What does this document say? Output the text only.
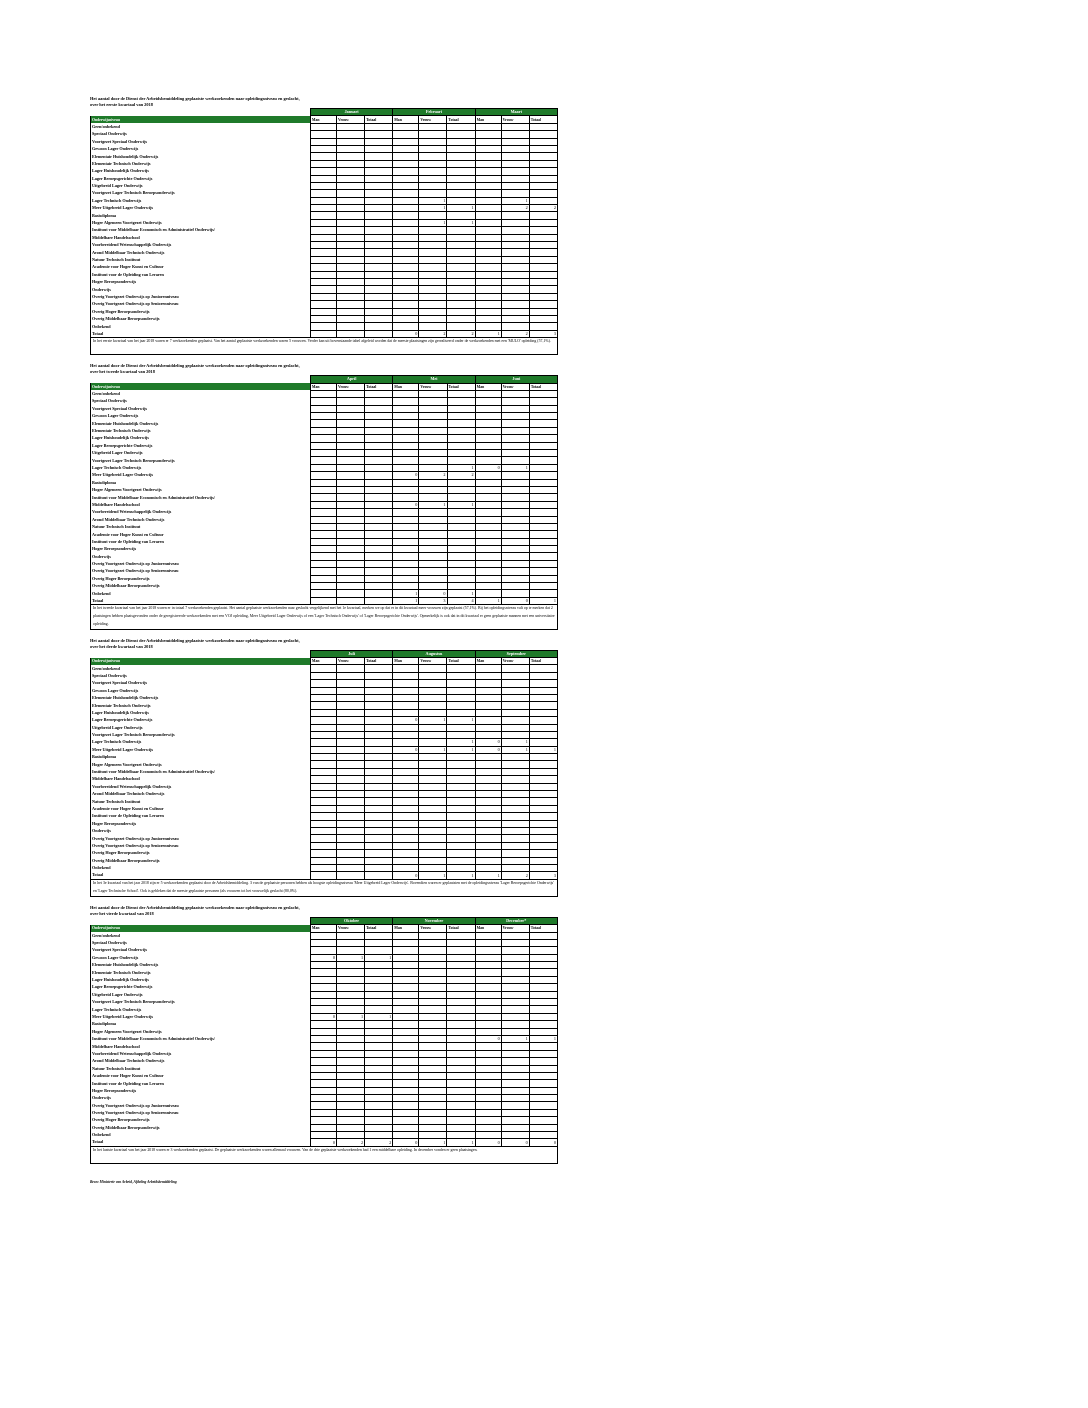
Het aantal door de Dienst der Arbeidsbemiddeling geplaatste werkzoekenden naar opleidingsniveau en geslacht,
over het eerste kwartaal van 2018
	Januari			Februari			Maart		
Onderwijsniveau	Man	Vrouw	Totaal	Man	Vrouw	Totaal	Man	Vrouw	Totaal
Geen/onbekend									
Speciaal Onderwijs									
Voortgezet Speciaal Onderwijs									
Gewoon Lager Onderwijs									
Elementair Huishoudelijk Onderwijs									
Elementair Technisch Onderwijs									
Lager Huishoudelijk Onderwijs									
Lager Beroepsgerichte Onderwijs									
Uitgebreid Lager Onderwijs									
Voortgezet Lager Technisch Beroepsonderwijs									
Lager Technisch Onderwijs					1			1	
Meer Uitgebreid Lager Onderwijs					1	1		2	2
Basisdiploma									
Hoger Algemeen Voortgezet Onderwijs					1	1			
Instituut voor Middelbaar Economisch en Administratief Onderwijs/									
Middelbare Handelsschool									
Voorbereidend Wetenschappelijk Onderwijs									
Avond Middelbaar Technisch Onderwijs									
Natuur Technisch Instituut									
Academie voor Hoger Kunst en Cultuur									
Instituut voor de Opleiding van Leraren									
Hoger Beroepsonderwijs									
Onderwijs									
Overig Voortgezet Onderwijs op Juniorenniveau									
Overig Voortgezet Onderwijs op Seniorenniveau									
Overig Hoger Beroepsonderwijs									
Overig Middelbaar Beroepsonderwijs									
Onbekend									
Totaal				0	2	2	1	2	3
In het eerste kwartaal van het jaar 2018 waren er 7 werkzoekenden geplaatst. Van het aantal geplaatste werkzoekenden waren 5 vrouwen. Verder kan uit bovenstaande tabel afgeleid worden dat de meeste plaatsingen zijn gerealiseerd onder de werkzoekenden met een 'MULO' opleiding (57,1%).
Het aantal door de Dienst der Arbeidsbemiddeling geplaatste werkzoekenden naar opleidingsniveau en geslacht,
over het tweede kwartaal van 2018
	April			Mei			Juni		
Onderwijsniveau	Man	Vrouw	Totaal	Man	Vrouw	Totaal	Man	Vrouw	Totaal
Geen/onbekend									
Speciaal Onderwijs									
Voortgezet Speciaal Onderwijs									
Gewoon Lager Onderwijs									
Elementair Huishoudelijk Onderwijs									
Elementair Technisch Onderwijs									
Lager Huishoudelijk Onderwijs									
Lager Beroepsgerichte Onderwijs									
Uitgebreid Lager Onderwijs									
Voortgezet Lager Technisch Beroepsonderwijs									
Lager Technisch Onderwijs						1	0	1	
Meer Uitgebreid Lager Onderwijs				0	2	2			
Basisdiploma									
Hoger Algemeen Voortgezet Onderwijs									
Instituut voor Middelbaar Economisch en Administratief Onderwijs/									
Middelbare Handelsschool				0	1	1			
Voorbereidend Wetenschappelijk Onderwijs									
Avond Middelbaar Technisch Onderwijs									
Natuur Technisch Instituut									
Academie voor Hoger Kunst en Cultuur									
Instituut voor de Opleiding van Leraren									
Hoger Beroepsonderwijs									
Onderwijs									
Overig Voortgezet Onderwijs op Juniorenniveau									
Overig Voortgezet Onderwijs op Seniorenniveau									
Overig Hoger Beroepsonderwijs									
Overig Middelbaar Beroepsonderwijs									
Onbekend				1	0	1			
Totaal				1	3	4	1	0	1
In het tweede kwartaal van het jaar 2018 waren er in totaal 7 werkzoekenden geplaatst. Het aantal geplaatste werkzoekenden naar geslacht vergelijkend met het 1e kwartaal, merken we op dat er in dit kwartaal meer vrouwen zijn geplaatst (57,1%). Bij het opleidingsniveau valt op te merken dat 2 plaatsingen hebben plaatsgevonden onder de geregistreerde werkzoekenden met een VOJ opleiding, Meer Uitgebreid Lager Onderwijs of een 'Lager Technisch Onderwijs' of 'Lager Beroepsgerichte Onderwijs'. Opmerkelijk is ook dat in dit kwartaal er geen geplaatste mannen met een universitaire opleiding.
Het aantal door de Dienst der Arbeidsbemiddeling geplaatste werkzoekenden naar opleidingsniveau en geslacht,
over het derde kwartaal van 2018
	Juli			Augustus			September		
Onderwijsniveau	Man	Vrouw	Totaal	Man	Vrouw	Totaal	Man	Vrouw	Totaal
Geen/onbekend									
Speciaal Onderwijs									
Voortgezet Speciaal Onderwijs									
Gewoon Lager Onderwijs									
Elementair Huishoudelijk Onderwijs									
Elementair Technisch Onderwijs									
Lager Huishoudelijk Onderwijs									
Lager Beroepsgerichte Onderwijs				0	1	1			
Uitgebreid Lager Onderwijs									
Voortgezet Lager Technisch Beroepsonderwijs									
Lager Technisch Onderwijs						1	0	1	
Meer Uitgebreid Lager Onderwijs				0	1	1	0	1	1
Basisdiploma									
Hoger Algemeen Voortgezet Onderwijs									
Instituut voor Middelbaar Economisch en Administratief Onderwijs/									
Middelbare Handelsschool									
Voorbereidend Wetenschappelijk Onderwijs									
Avond Middelbaar Technisch Onderwijs									
Natuur Technisch Instituut									
Academie voor Hoger Kunst en Cultuur									
Instituut voor de Opleiding van Leraren									
Hoger Beroepsonderwijs									
Onderwijs									
Overig Voortgezet Onderwijs op Juniorenniveau									
Overig Voortgezet Onderwijs op Seniorenniveau									
Overig Hoger Beroepsonderwijs									
Overig Middelbaar Beroepsonderwijs									
Onbekend									
Totaal				0	1	1	1	2	3
In het 3e kwartaal van het jaar 2018 zijn er 5 werkzoekenden geplaatst door de Arbeidsbemiddeling. 3 van de geplaatste personen hebben als hoogste opleidingsniveau 'Meer Uitgebreid Lager Onderwijs'. Bovendien waren er geplaatsten met de opleidingsniveau 'Lager Beroepsgerichte Onderwijs' en 'Lager Technische School'. Ook is gebleken dat de meeste geplaatste personen (als vrouwen tot het vrouwelijk geslacht (80,0%).
Het aantal door de Dienst der Arbeidsbemiddeling geplaatste werkzoekenden naar opleidingsniveau en geslacht,
over het vierde kwartaal van 2018
	Oktober			November			December*		
Onderwijsniveau	Man	Vrouw	Totaal	Man	Vrouw	Totaal	Man	Vrouw	Totaal
Geen/onbekend									
Speciaal Onderwijs									
Voortgezet Speciaal Onderwijs									
Gewoon Lager Onderwijs	0	1	1						
Elementair Huishoudelijk Onderwijs									
Elementair Technisch Onderwijs									
Lager Huishoudelijk Onderwijs									
Lager Beroepsgerichte Onderwijs									
Uitgebreid Lager Onderwijs									
Voortgezet Lager Technisch Beroepsonderwijs									
Lager Technisch Onderwijs									
Meer Uitgebreid Lager Onderwijs	0	1	1						
Basisdiploma									
Hoger Algemeen Voortgezet Onderwijs									
Instituut voor Middelbaar Economisch en Administratief Onderwijs/							0	1	1
Middelbare Handelsschool									
Voorbereidend Wetenschappelijk Onderwijs									
Avond Middelbaar Technisch Onderwijs									
Natuur Technisch Instituut									
Academie voor Hoger Kunst en Cultuur									
Instituut voor de Opleiding van Leraren									
Hoger Beroepsonderwijs									
Onderwijs									
Overig Voortgezet Onderwijs op Juniorenniveau									
Overig Voortgezet Onderwijs op Seniorenniveau									
Overig Hoger Beroepsonderwijs									
Overig Middelbaar Beroepsonderwijs									
Onbekend									
Totaal	0	2	2	0	1	1	0	0	0
In het laatste kwartaal van het jaar 2018 waren er 3 werkzoekenden geplaatst. De geplaatste werkzoekenden waren allemaal vrouwen. Van de drie geplaatste werkzoekenden had 1 een middelbare opleiding. In december vonden er geen plaatsingen.
Bron: Ministerie van Arbeid, Afdeling Arbeidsbemiddeling
